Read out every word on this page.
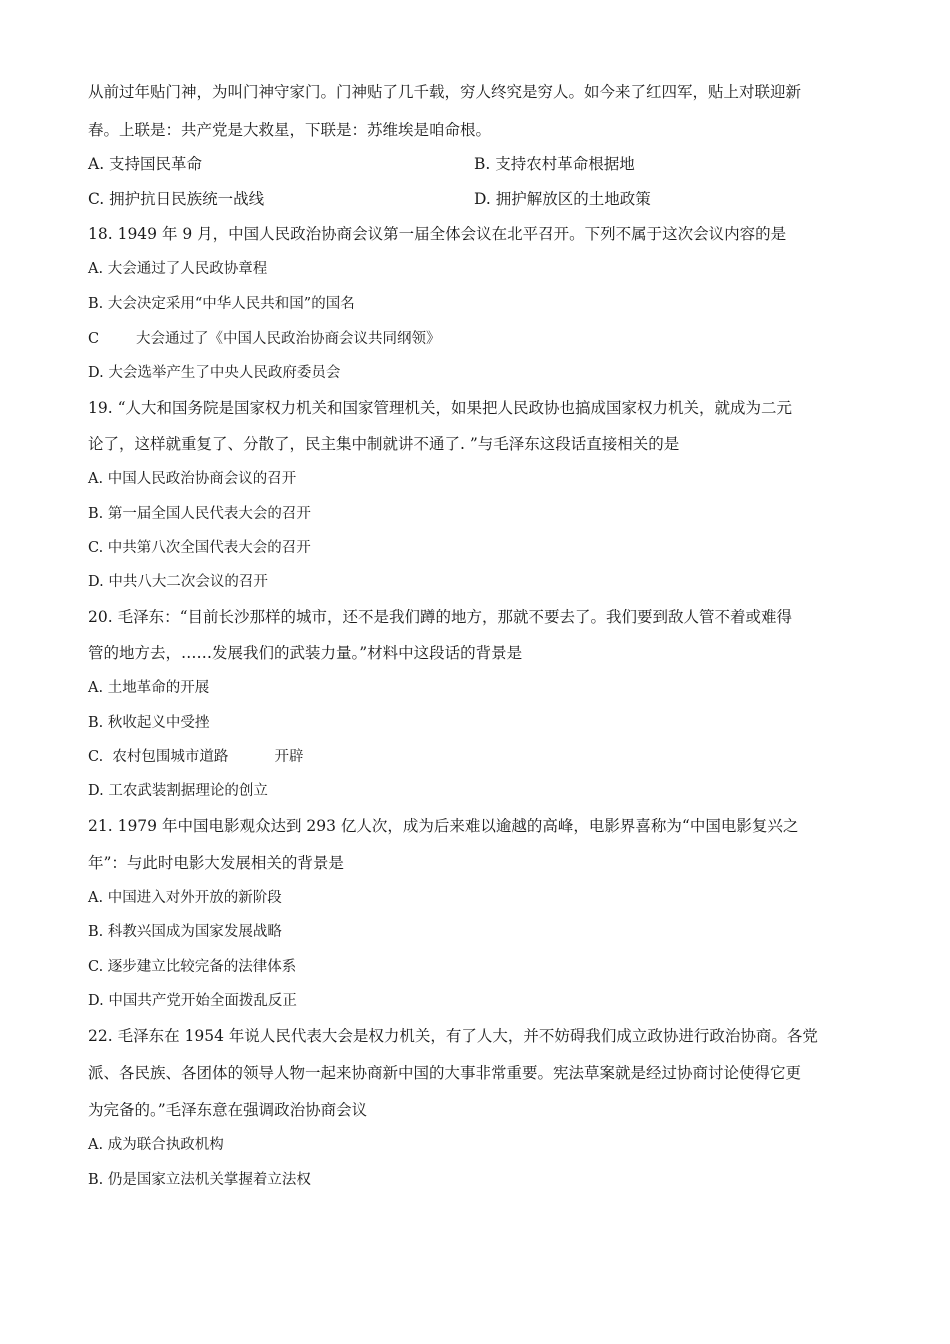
从前过年贴门神，为叫门神守家门。门神贴了几千载，穷人终究是穷人。如今来了红四军，贴上对联迎新
春。上联是：共产党是大救星，下联是：苏维埃是咱命根。
A. 支持国民革命	B. 支持农村革命根据地
C. 拥护抗日民族统一战线	D. 拥护解放区的土地政策
18. 1949 年 9 月，中国人民政治协商会议第一届全体会议在北平召开。下列不属于这次会议内容的是
A. 大会通过了人民政协章程
B. 大会决定采用“中华人民共和国”的国名
C        大会通过了《中国人民政治协商会议共同纲领》
D. 大会选举产生了中央人民政府委员会
19. “人大和国务院是国家权力机关和国家管理机关，如果把人民政协也搞成国家权力机关，就成为二元
论了，这样就重复了、分散了，民主集中制就讲不通了. ”与毛泽东这段话直接相关的是
A. 中国人民政治协商会议的召开
B. 第一届全国人民代表大会的召开
C. 中共第八次全国代表大会的召开
D. 中共八大二次会议的召开
20. 毛泽东：“目前长沙那样的城市，还不是我们蹲的地方，那就不要去了。我们要到敌人管不着或难得
管的地方去，……发展我们的武装力量。”材料中这段话的背景是
A. 土地革命的开展
B. 秋收起义中受挫
C.  农村包围城市道路          开辟
D. 工农武装割据理论的创立
21. 1979 年中国电影观众达到 293 亿人次，成为后来难以逾越的高峰，电影界喜称为“中国电影复兴之
年”：与此时电影大发展相关的背景是
A. 中国进入对外开放的新阶段
B. 科教兴国成为国家发展战略
C. 逐步建立比较完备的法律体系
D. 中国共产党开始全面拨乱反正
22. 毛泽东在 1954 年说人民代表大会是权力机关，有了人大，并不妨碍我们成立政协进行政治协商。各党
派、各民族、各团体的领导人物一起来协商新中国的大事非常重要。宪法草案就是经过协商讨论使得它更
为完备的。”毛泽东意在强调政治协商会议
A. 成为联合执政机构
B. 仍是国家立法机关掌握着立法权
